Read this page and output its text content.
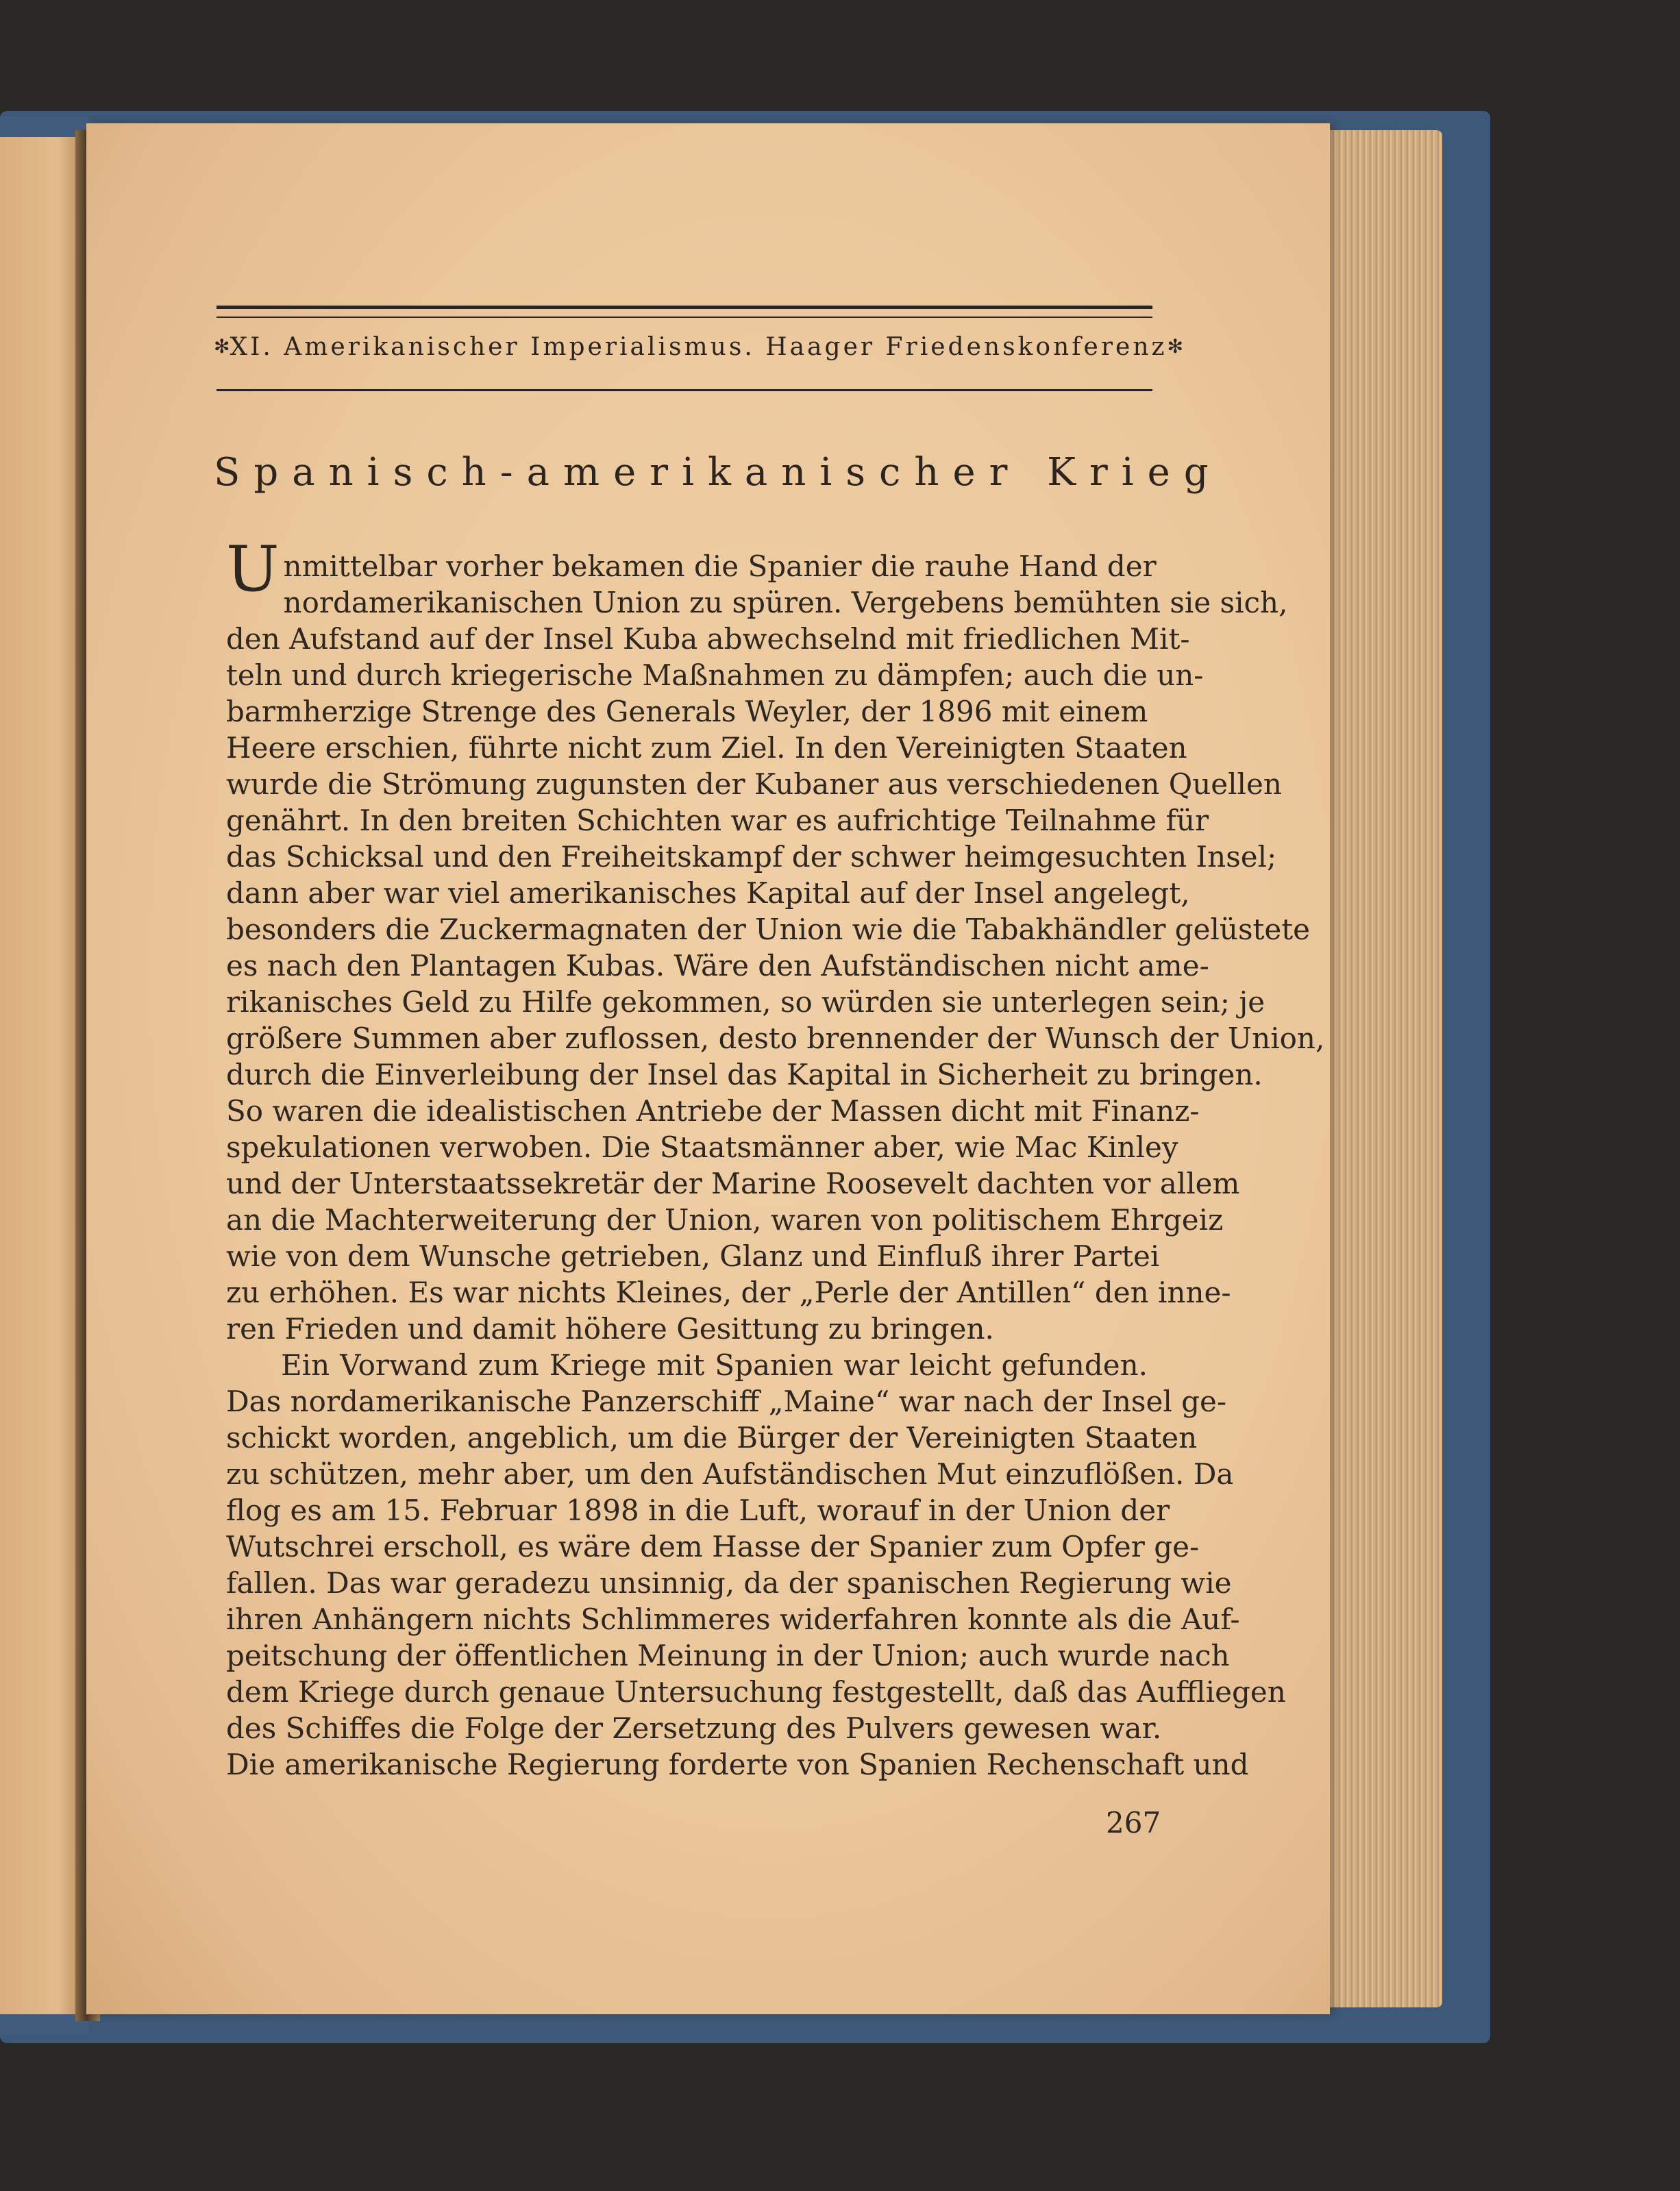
✻ XI. Amerikanischer Imperialismus. Haager Friedenskonferenz ✻
Spanisch-amerikanischer Krieg
Unmittelbar vorher bekamen die Spanier die rauhe Hand der
nordamerikanischen Union zu spüren. Vergebens bemühten sie sich,
den Aufstand auf der Insel Kuba abwechselnd mit friedlichen Mit-
teln und durch kriegerische Maßnahmen zu dämpfen; auch die un-
barmherzige Strenge des Generals Weyler, der 1896 mit einem
Heere erschien, führte nicht zum Ziel. In den Vereinigten Staaten
wurde die Strömung zugunsten der Kubaner aus verschiedenen Quellen
genährt. In den breiten Schichten war es aufrichtige Teilnahme für
das Schicksal und den Freiheitskampf der schwer heimgesuchten Insel;
dann aber war viel amerikanisches Kapital auf der Insel angelegt,
besonders die Zuckermagnaten der Union wie die Tabakhändler gelüstete
es nach den Plantagen Kubas. Wäre den Aufständischen nicht ame-
rikanisches Geld zu Hilfe gekommen, so würden sie unterlegen sein; je
größere Summen aber zuflossen, desto brennender der Wunsch der Union,
durch die Einverleibung der Insel das Kapital in Sicherheit zu bringen.
So waren die idealistischen Antriebe der Massen dicht mit Finanz-
spekulationen verwoben. Die Staatsmänner aber, wie Mac Kinley
und der Unterstaatssekretär der Marine Roosevelt dachten vor allem
an die Machterweiterung der Union, waren von politischem Ehrgeiz
wie von dem Wunsche getrieben, Glanz und Einfluß ihrer Partei
zu erhöhen. Es war nichts Kleines, der „Perle der Antillen“ den inne-
ren Frieden und damit höhere Gesittung zu bringen.
Ein Vorwand zum Kriege mit Spanien war leicht gefunden.
Das nordamerikanische Panzerschiff „Maine“ war nach der Insel ge-
schickt worden, angeblich, um die Bürger der Vereinigten Staaten
zu schützen, mehr aber, um den Aufständischen Mut einzuflößen. Da
flog es am 15. Februar 1898 in die Luft, worauf in der Union der
Wutschrei erscholl, es wäre dem Hasse der Spanier zum Opfer ge-
fallen. Das war geradezu unsinnig, da der spanischen Regierung wie
ihren Anhängern nichts Schlimmeres widerfahren konnte als die Auf-
peitschung der öffentlichen Meinung in der Union; auch wurde nach
dem Kriege durch genaue Untersuchung festgestellt, daß das Auffliegen
des Schiffes die Folge der Zersetzung des Pulvers gewesen war.
Die amerikanische Regierung forderte von Spanien Rechenschaft und
267
